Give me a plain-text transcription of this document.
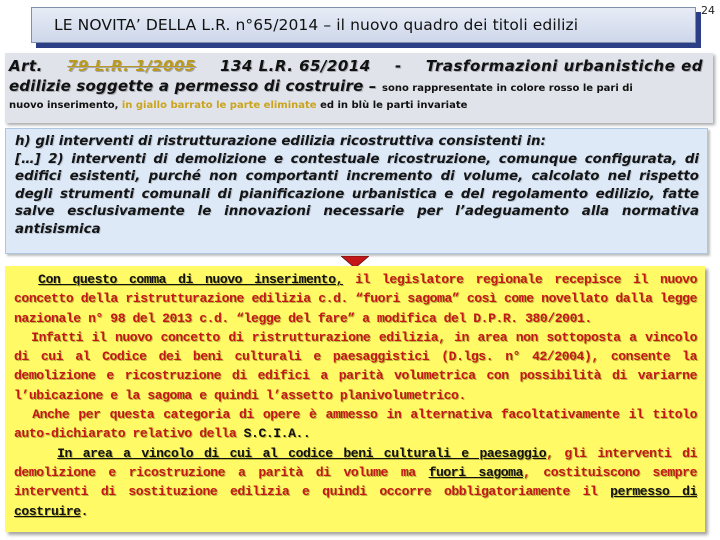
LE NOVITA’ DELLA L.R. n°65/2014 – il nuovo quadro dei titoli edilizi
24
Art. 79 L.R. 1/2005 134 L.R. 65/2014 - Trasformazioni urbanistiche ed
edilizie soggette a permesso di costruire – sono rappresentate in colore rosso le pari di
nuovo inserimento, in giallo barrato le parte eliminate ed in blù le parti invariate

h) gli interventi di ristrutturazione edilizia ricostruttiva consistenti in:

[…] 2) interventi di demolizione e contestuale ricostruzione, comunque configurata, di edifici esistenti, purché non comportanti incremento di volume, calcolato nel rispetto degli strumenti comunali di pianificazione urbanistica e del regolamento edilizio, fatte salve esclusivamente le innovazioni necessarie per l’adeguamento alla normativa antisismica

Con questo comma di nuovo inserimento, il legislatore regionale recepisce il nuovo concetto della ristrutturazione edilizia c.d. “fuori sagoma” così come novellato dalla legge nazionale n° 98 del 2013 c.d. “legge del fare” a modifica del D.P.R. 380/2001.

Infatti il nuovo concetto di ristrutturazione edilizia, in area non sottoposta a vincolo di cui al Codice dei beni culturali e paesaggistici (D.lgs. n° 42/2004), consente la demolizione e ricostruzione di edifici a parità volumetrica con possibilità di variarne l’ubicazione e la sagoma e quindi l’assetto planivolumetrico.

Anche per questa categoria di opere è ammesso in alternativa facoltativamente il titolo auto-dichiarato relativo della S.C.I.A..

In area a vincolo di cui al codice beni culturali e paesaggio, gli interventi di demolizione e ricostruzione a parità di volume ma fuori sagoma, costituiscono sempre interventi di sostituzione edilizia e quindi occorre obbligatoriamente il permesso di costruire.
